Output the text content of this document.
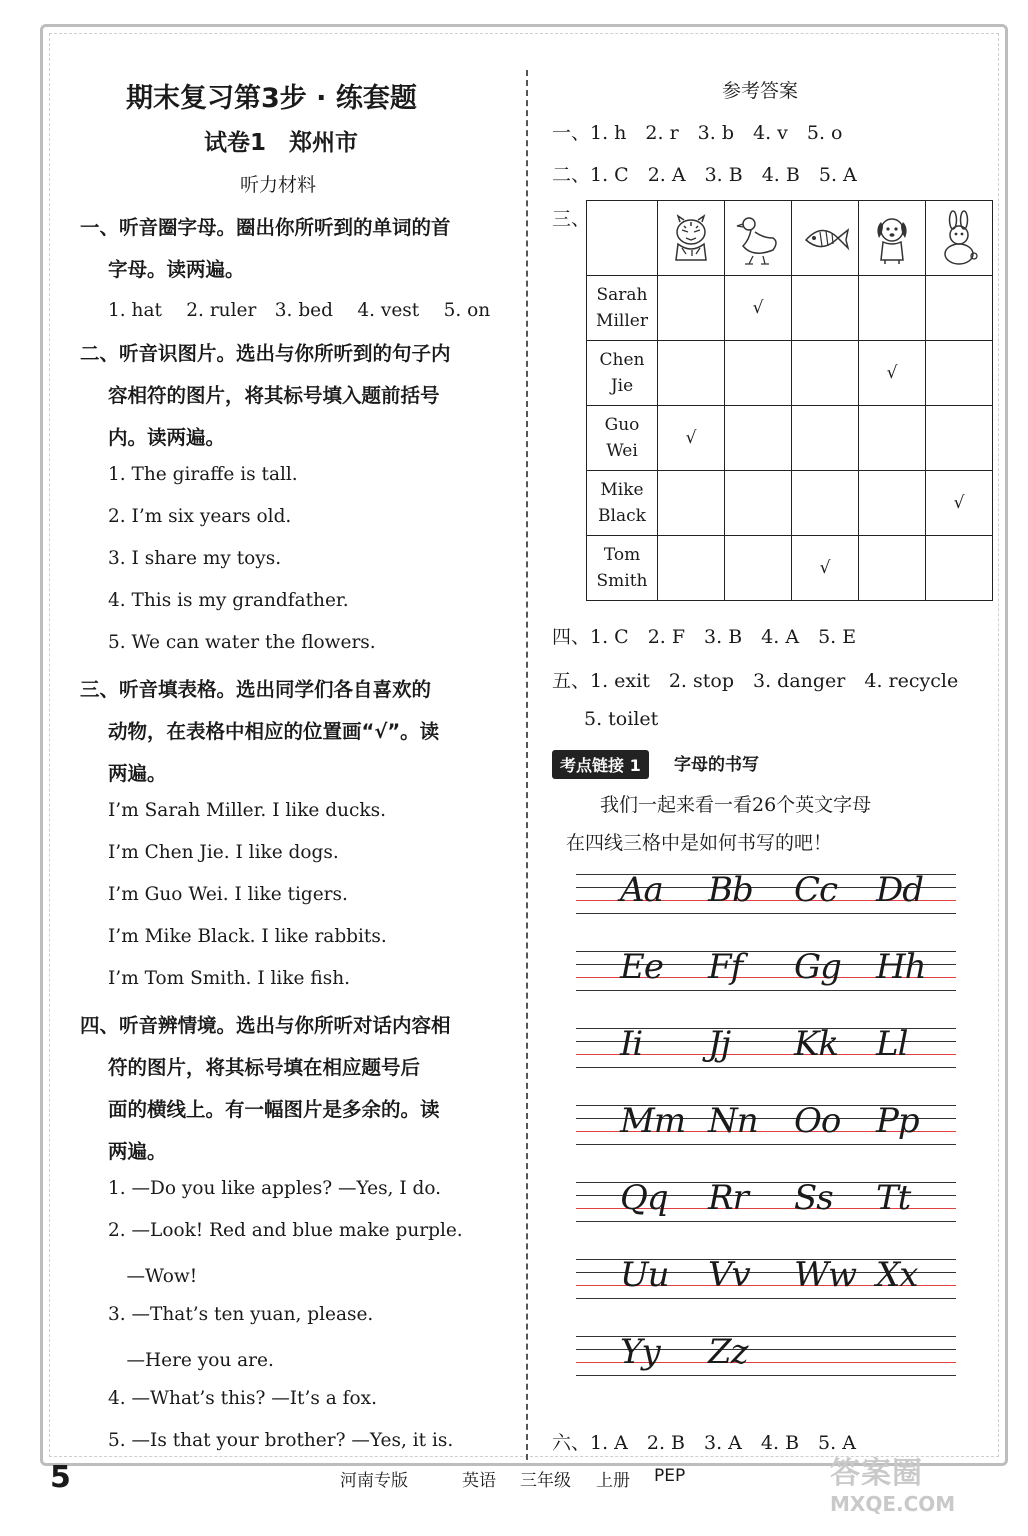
期末复习第3步 · 练套题
试卷1　郑州市
听力材料
一、听音圈字母。圈出你所听到的单词的首
字母。读两遍。
1. hat　 2. ruler　3. bed　 4. vest　 5. on
二、听音识图片。选出与你所听到的句子内
容相符的图片，将其标号填入题前括号
内。读两遍。
1. The giraffe is tall.
2. I’m six years old.
3. I share my toys.
4. This is my grandfather.
5. We can water the flowers.
三、听音填表格。选出同学们各自喜欢的
动物，在表格中相应的位置画“√”。读
两遍。
I’m Sarah Miller. I like ducks.
I’m Chen Jie. I like dogs.
I’m Guo Wei. I like tigers.
I’m Mike Black. I like rabbits.
I’m Tom Smith. I like fish.
四、听音辨情境。选出与你所听对话内容相
符的图片，将其标号填在相应题号后
面的横线上。有一幅图片是多余的。读
两遍。
1. —Do you like apples? —Yes, I do.
2. —Look! Red and blue make purple.
　—Wow!
3. —That’s ten yuan, please.
　—Here you are.
4. —What’s this? —It’s a fox.
5. —Is that your brother? —Yes, it is.
参考答案
一、1. h　2. r　3. b　4. v　5. o
二、1. C　2. A　3. B　4. B　5. A
三、

Sarah
Miller		√			
Chen
Jie				√	
Guo
Wei	√				
Mike
Black					√
Tom
Smith			√		
四、1. C　2. F　3. B　4. A　5. E
五、1. exit　2. stop　3. danger　4. recycle
5. toilet
考点链接 1	字母的书写
我们一起来看一看26个英文字母
在四线三格中是如何书写的吧！
Aa Bb Cc Dd
Ee Ff Gg Hh
Ii Jj Kk Ll
Mm Nn Oo Pp
Qq Rr Ss Tt
Uu Vv Ww Xx
Yy Zz
六、1. A　2. B　3. A　4. B　5. A
5	河南专版	英语 三年级 上册 PEP	答案圈
MXQE.COM
